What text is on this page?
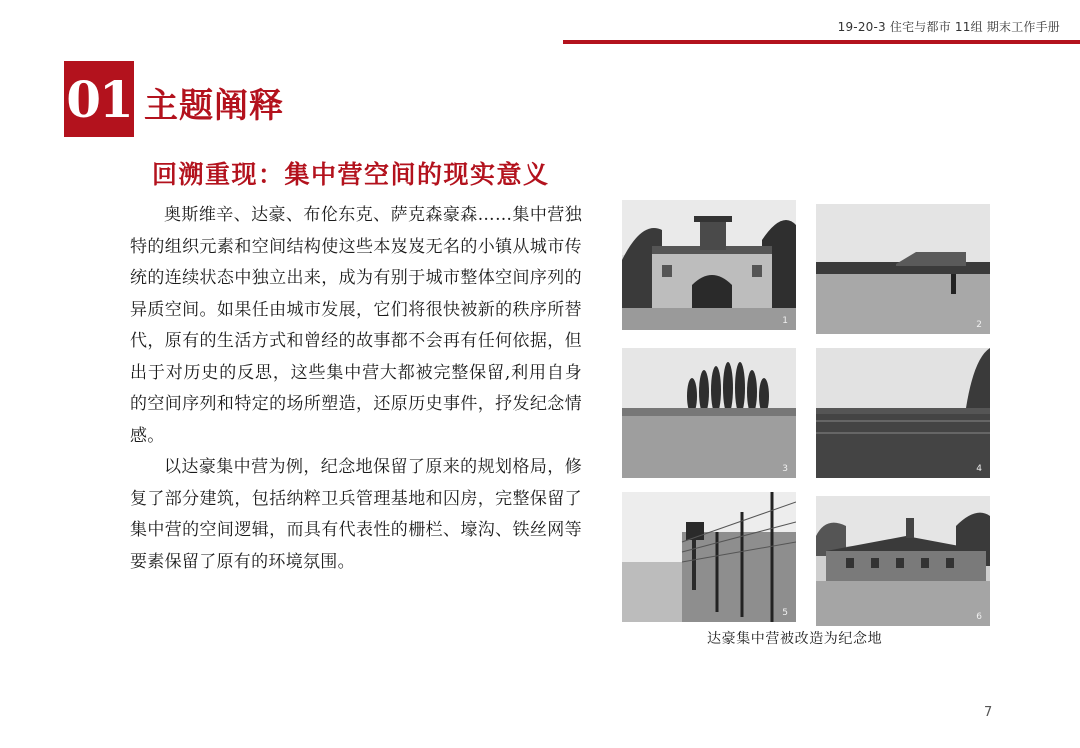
19-20-3 住宅与都市 11组 期末工作手册
01 主题阐释
回溯重现：集中营空间的现实意义

奥斯维辛、达豪、布伦东克、萨克森豪森……集中营独特的组织元素和空间结构使这些本岌岌无名的小镇从城市传统的连续状态中独立出来，成为有别于城市整体空间序列的异质空间。如果任由城市发展，它们将很快被新的秩序所替代，原有的生活方式和曾经的故事都不会再有任何依据，但出于对历史的反思，这些集中营大都被完整保留,利用自身的空间序列和特定的场所塑造，还原历史事件，抒发纪念情感。

以达豪集中营为例，纪念地保留了原来的规划格局，修复了部分建筑，包括纳粹卫兵管理基地和囚房，完整保留了集中营的空间逻辑，而具有代表性的栅栏、壕沟、铁丝网等要素保留了原有的环境氛围。

1	2
3	4
5	6
达豪集中营被改造为纪念地
7
